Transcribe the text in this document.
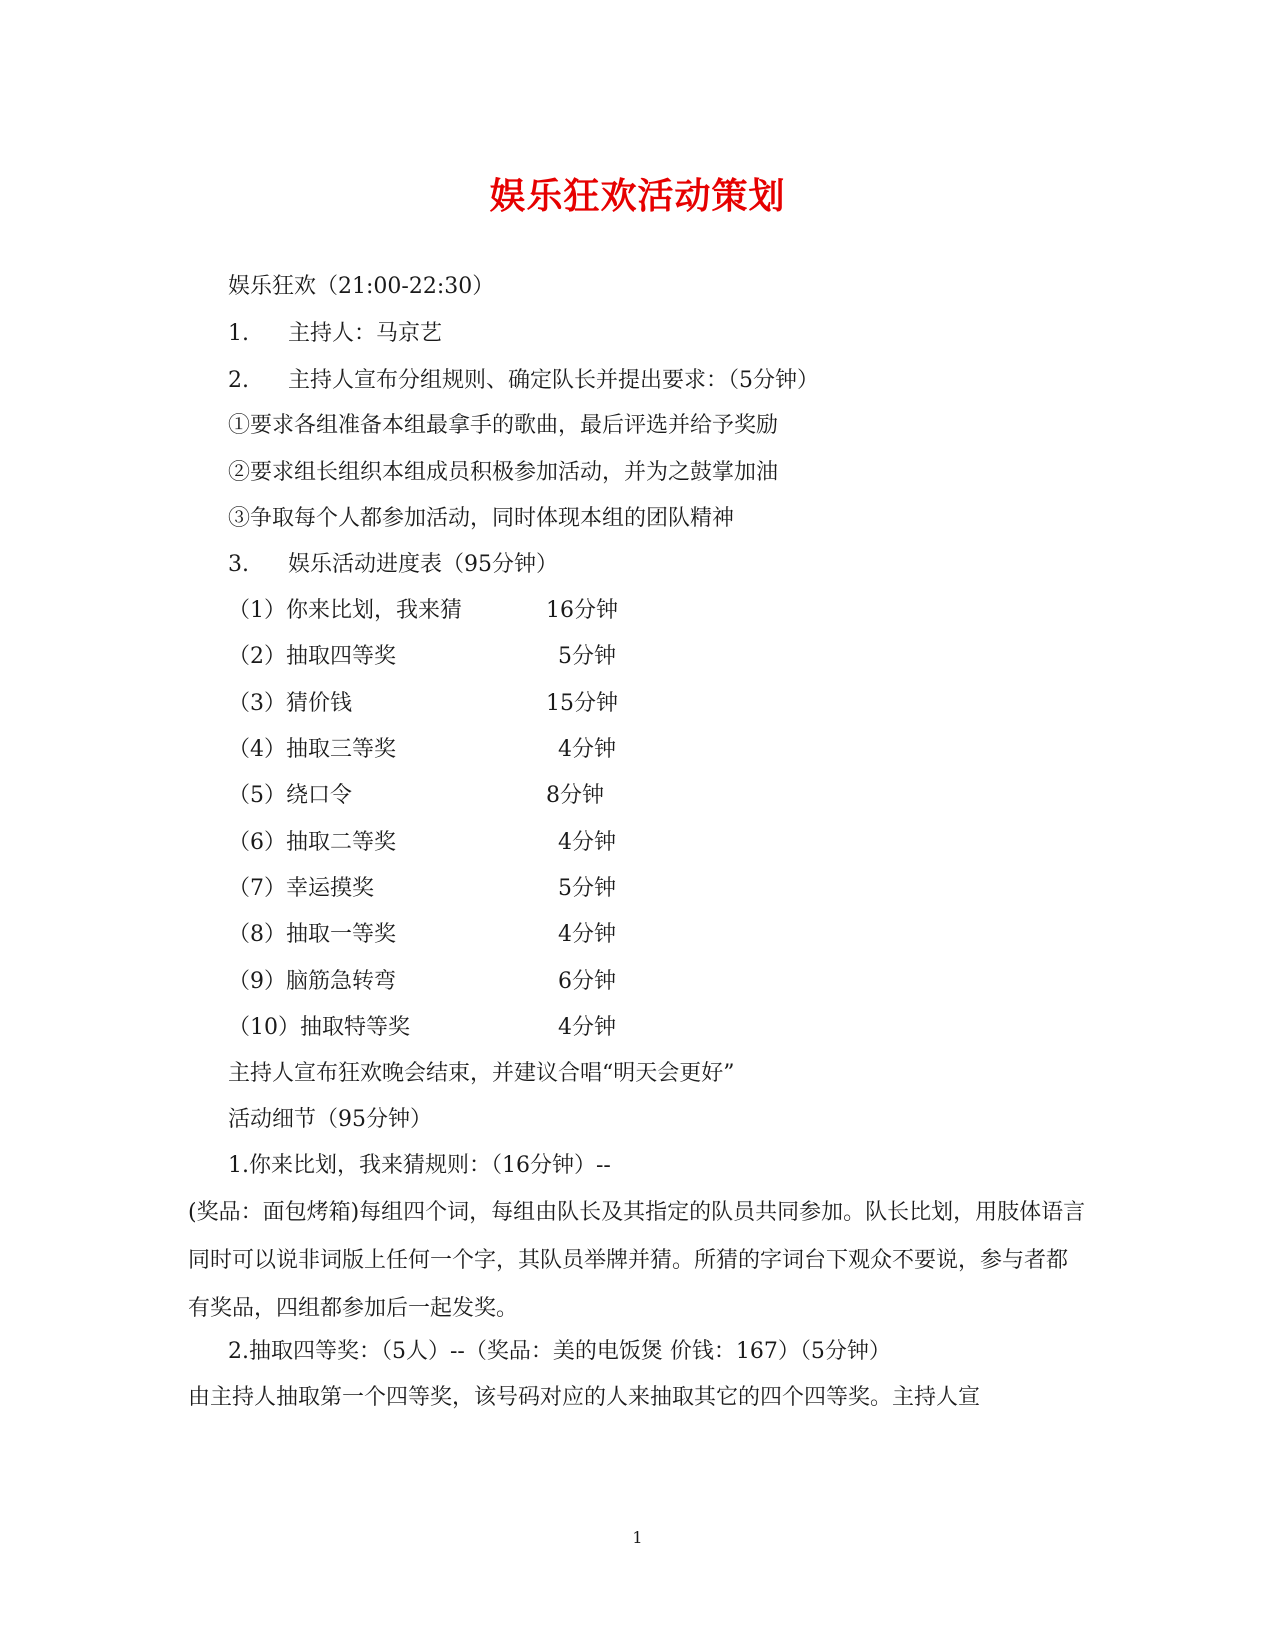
娱乐狂欢活动策划
娱乐狂欢（21:00-22:30）
1. 主持人：马京艺
2. 主持人宣布分组规则、确定队长并提出要求：（5分钟）
①要求各组准备本组最拿手的歌曲，最后评选并给予奖励
②要求组长组织本组成员积极参加活动，并为之鼓掌加油
③争取每个人都参加活动，同时体现本组的团队精神
3. 娱乐活动进度表（95分钟）
（1）你来比划，我来猜	16分钟
（2）抽取四等奖	5分钟
（3）猜价钱	15分钟
（4）抽取三等奖	4分钟
（5）绕口令	8分钟
（6）抽取二等奖	4分钟
（7）幸运摸奖	5分钟
（8）抽取一等奖	4分钟
（9）脑筋急转弯	6分钟
（10）抽取特等奖	4分钟
主持人宣布狂欢晚会结束，并建议合唱“明天会更好”
活动细节（95分钟）
1.你来比划，我来猜规则：（16分钟）--
(奖品：面包烤箱)每组四个词，每组由队长及其指定的队员共同参加。队长比划，用肢体语言同时可以说非词版上任何一个字，其队员举牌并猜。所猜的字词台下观众不要说，参与者都有奖品，四组都参加后一起发奖。
2.抽取四等奖：（5人）--（奖品：美的电饭煲 价钱：167）（5分钟）
由主持人抽取第一个四等奖，该号码对应的人来抽取其它的四个四等奖。主持人宣
1
